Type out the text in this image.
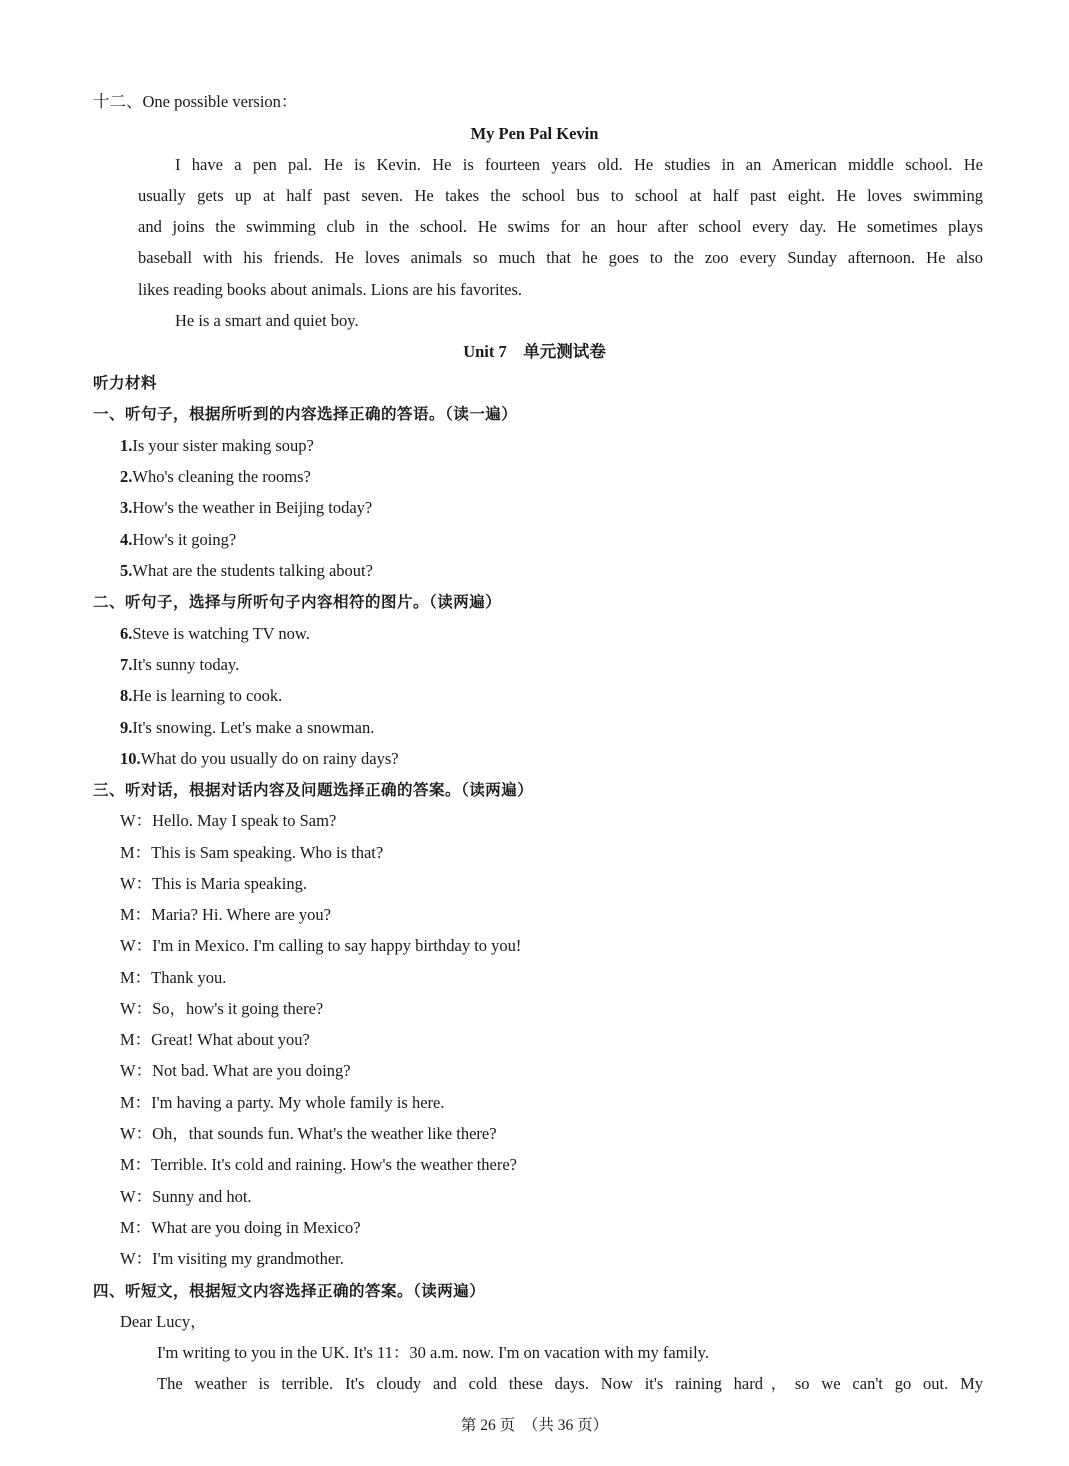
十二、One possible version：
My Pen Pal Kevin
I have a pen pal. He is Kevin. He is fourteen years old. He studies in an American middle school. He
usually gets up at half past seven. He takes the school bus to school at half past eight. He loves swimming
and joins the swimming club in the school. He swims for an hour after school every day. He sometimes plays
baseball with his friends. He loves animals so much that he goes to the zoo every Sunday afternoon. He also
likes reading books about animals. Lions are his favorites.
He is a smart and quiet boy.
Unit 7　单元测试卷
听力材料
一、听句子，根据所听到的内容选择正确的答语。（读一遍）
1.Is your sister making soup?
2.Who's cleaning the rooms?
3.How's the weather in Beijing today?
4.How's it going?
5.What are the students talking about?
二、听句子，选择与所听句子内容相符的图片。（读两遍）
6.Steve is watching TV now.
7.It's sunny today.
8.He is learning to cook.
9.It's snowing. Let's make a snowman.
10.What do you usually do on rainy days?
三、听对话，根据对话内容及问题选择正确的答案。（读两遍）
W：Hello. May I speak to Sam?
M：This is Sam speaking. Who is that?
W：This is Maria speaking.
M：Maria? Hi. Where are you?
W：I'm in Mexico. I'm calling to say happy birthday to you!
M：Thank you.
W：So，how's it going there?
M：Great! What about you?
W：Not bad. What are you doing?
M：I'm having a party. My whole family is here.
W：Oh，that sounds fun. What's the weather like there?
M：Terrible. It's cold and raining. How's the weather there?
W：Sunny and hot.
M：What are you doing in Mexico?
W：I'm visiting my grandmother.
四、听短文，根据短文内容选择正确的答案。（读两遍）
Dear Lucy，
I'm writing to you in the UK. It's 11：30 a.m. now. I'm on vacation with my family.
The weather is terrible. It's cloudy and cold these days. Now it's raining hard，so we can't go out. My
第 26 页　（共 36 页）
